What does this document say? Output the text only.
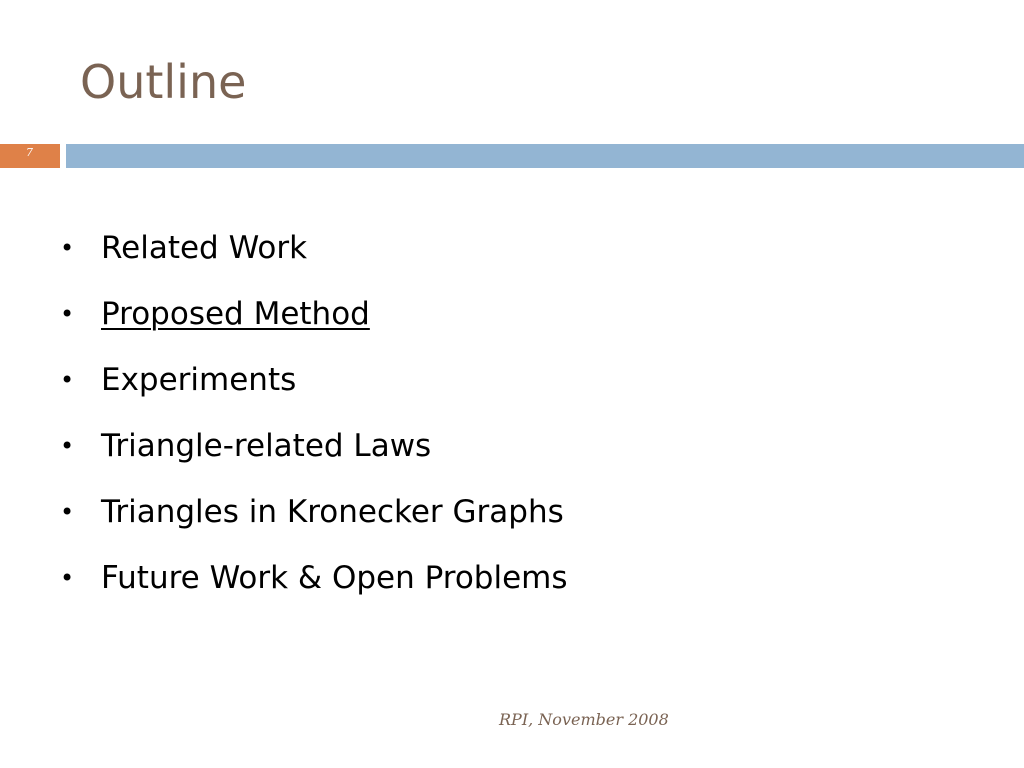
Outline
7
• Related Work
• Proposed Method
• Experiments
• Triangle-related Laws
• Triangles in Kronecker Graphs
• Future Work & Open Problems
RPI, November 2008
